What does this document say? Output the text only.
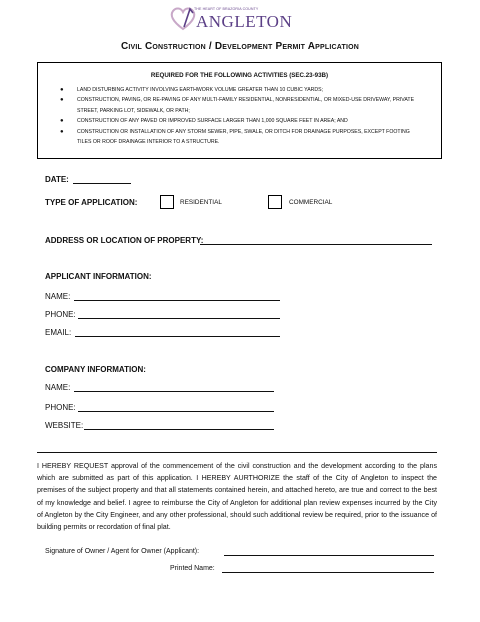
THE HEART OF BRAZORIA COUNTY
ANGLETON
Civil Construction / Development Permit Application
REQUIRED FOR THE FOLLOWING ACTIVITIES (SEC.23-93B)
●	LAND DISTURBING ACTIVITY INVOLVING EARTHWORK VOLUME GREATER THAN 10 CUBIC YARDS;
●	CONSTRUCTION, PAVING, OR RE-PAVING OF ANY MULTI-FAMILY RESIDENTIAL, NONRESIDENTIAL, OR MIXED-USE DRIVEWAY, PRIVATE STREET, PARKING LOT, SIDEWALK, OR PATH;
●	CONSTRUCTION OF ANY PAVED OR IMPROVED SURFACE LARGER THAN 1,000 SQUARE FEET IN AREA; AND
●	CONSTRUCTION OR INSTALLATION OF ANY STORM SEWER, PIPE, SWALE, OR DITCH FOR DRAINAGE PURPOSES, EXCEPT FOOTING TILES OR ROOF DRAINAGE INTERIOR TO A STRUCTURE.
DATE:
TYPE OF APPLICATION:	RESIDENTIAL	COMMERCIAL
ADDRESS OR LOCATION OF PROPERTY:
APPLICANT INFORMATION:
NAME:
PHONE:
EMAIL:
COMPANY INFORMATION:
NAME:
PHONE:
WEBSITE:
I HEREBY REQUEST approval of the commencement of the civil construction and the development according to the plans which are submitted as part of this application. I HEREBY AURTHORIZE the staff of the City of Angleton to inspect the premises of the subject property and that all statements contained herein, and attached hereto, are true and correct to the best of my knowledge and belief. I agree to reimburse the City of Angleton for additional plan review expenses incurred by the City of Angleton by the City Engineer, and any other professional, should such additional review be required, prior to the issuance of building permits or recordation of final plat.
Signature of Owner / Agent for Owner (Applicant):
Printed Name:
